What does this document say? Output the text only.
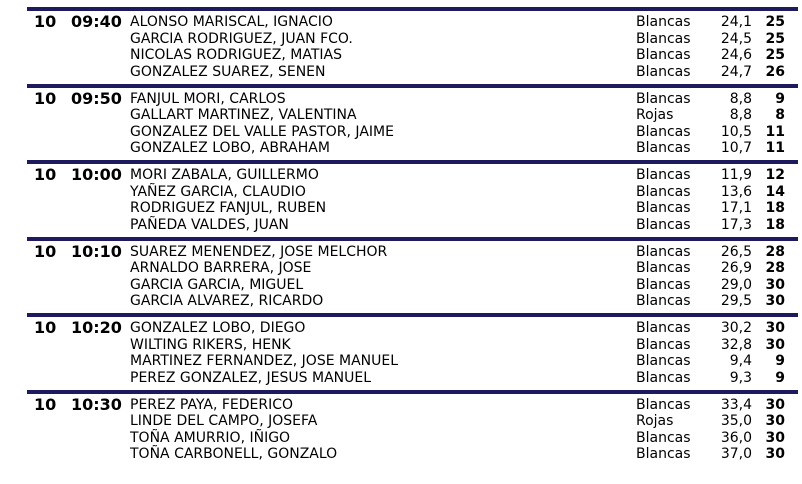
10 09:40 ALONSO MARISCAL, IGNACIO	Blancas 24,1 25
GARCIA RODRIGUEZ, JUAN FCO.	Blancas 24,5 25
NICOLAS RODRIGUEZ, MATIAS	Blancas 24,6 25
GONZALEZ SUAREZ, SENEN	Blancas 24,7 26
10 09:50 FANJUL MORI, CARLOS	Blancas	8,8 9
GALLART MARTINEZ, VALENTINA	Rojas	8,8 8
GONZALEZ DEL VALLE PASTOR, JAIME	Blancas 10,5 11
GONZALEZ LOBO, ABRAHAM	Blancas 10,7 11
10 10:00 MORI ZABALA, GUILLERMO	Blancas 11,9 12
YAÑEZ GARCIA, CLAUDIO	Blancas 13,6 14
RODRIGUEZ FANJUL, RUBEN	Blancas 17,1 18
PAÑEDA VALDES, JUAN	Blancas 17,3 18
10 10:10 SUAREZ MENENDEZ, JOSE MELCHOR	Blancas 26,5 28
ARNALDO BARRERA, JOSE	Blancas 26,9 28
GARCIA GARCIA, MIGUEL	Blancas 29,0 30
GARCIA ALVAREZ, RICARDO	Blancas 29,5 30
10 10:20 GONZALEZ LOBO, DIEGO	Blancas 30,2 30
WILTING RIKERS, HENK	Blancas 32,8 30
MARTINEZ FERNANDEZ, JOSE MANUEL	Blancas	9,4 9
PEREZ GONZALEZ, JESUS MANUEL	Blancas	9,3 9
10 10:30 PEREZ PAYA, FEDERICO	Blancas 33,4 30
LINDE DEL CAMPO, JOSEFA	Rojas	35,0 30
TOÑA AMURRIO, IÑIGO	Blancas 36,0 30
TOÑA CARBONELL, GONZALO	Blancas 37,0 30
